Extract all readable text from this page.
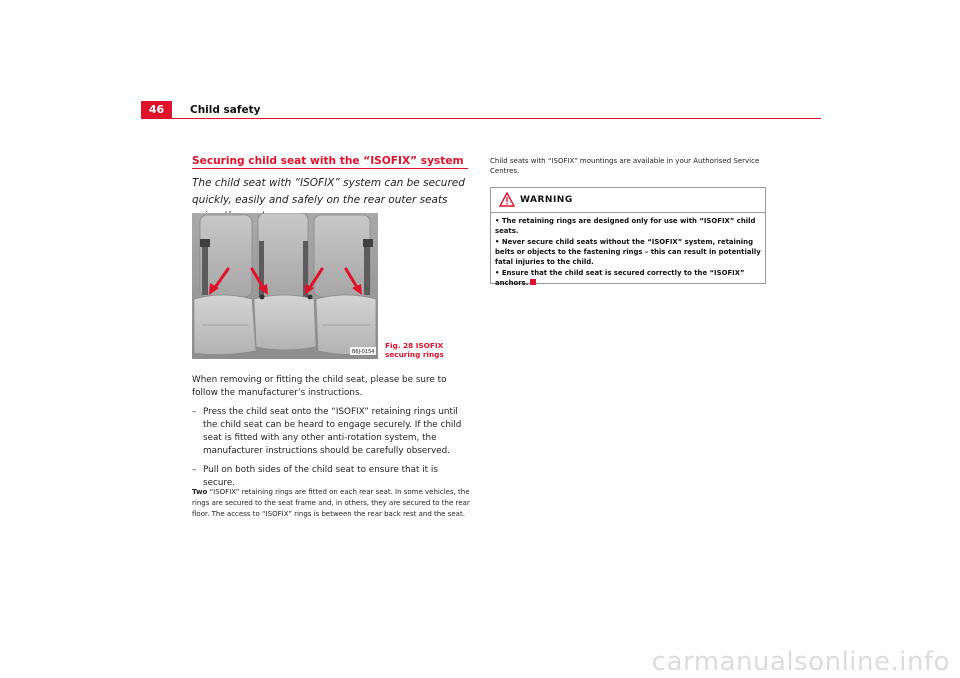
46	Child safety
Securing child seat with the “ISOFIX” system
The child seat with “ISOFIX” system can be secured quickly, easily and safely on the rear outer seats
B6J-0154
Fig. 28 ISOFIX securing rings

When removing or fitting the child seat, please be sure to follow the manufacturer’s instructions.

– Press the child seat onto the “ISOFIX” retaining rings until the child seat can be heard to engage securely. If the child seat is fitted with any other anti-rotation system, the manufacturer instructions should be carefully observed.
– Pull on both sides of the child seat to ensure that it is secure.
Two “ISOFIX” retaining rings are fitted on each rear seat. In some vehicles, the rings are secured to the seat frame and, in others, they are secured to the rear floor. The access to “ISOFIX” rings is between the rear back rest and the seat.
Child seats with “ISOFIX” mountings are available in your Authorised Service Centres.
WARNING
• The retaining rings are designed only for use with “ISOFIX” child seats.
• Never secure child seats without the “ISOFIX” system, retaining belts or objects to the fastening rings – this can result in potentially fatal injuries to the child.
• Ensure that the child seat is secured correctly to the “ISOFIX” anchors.
carmanualsonline.info
